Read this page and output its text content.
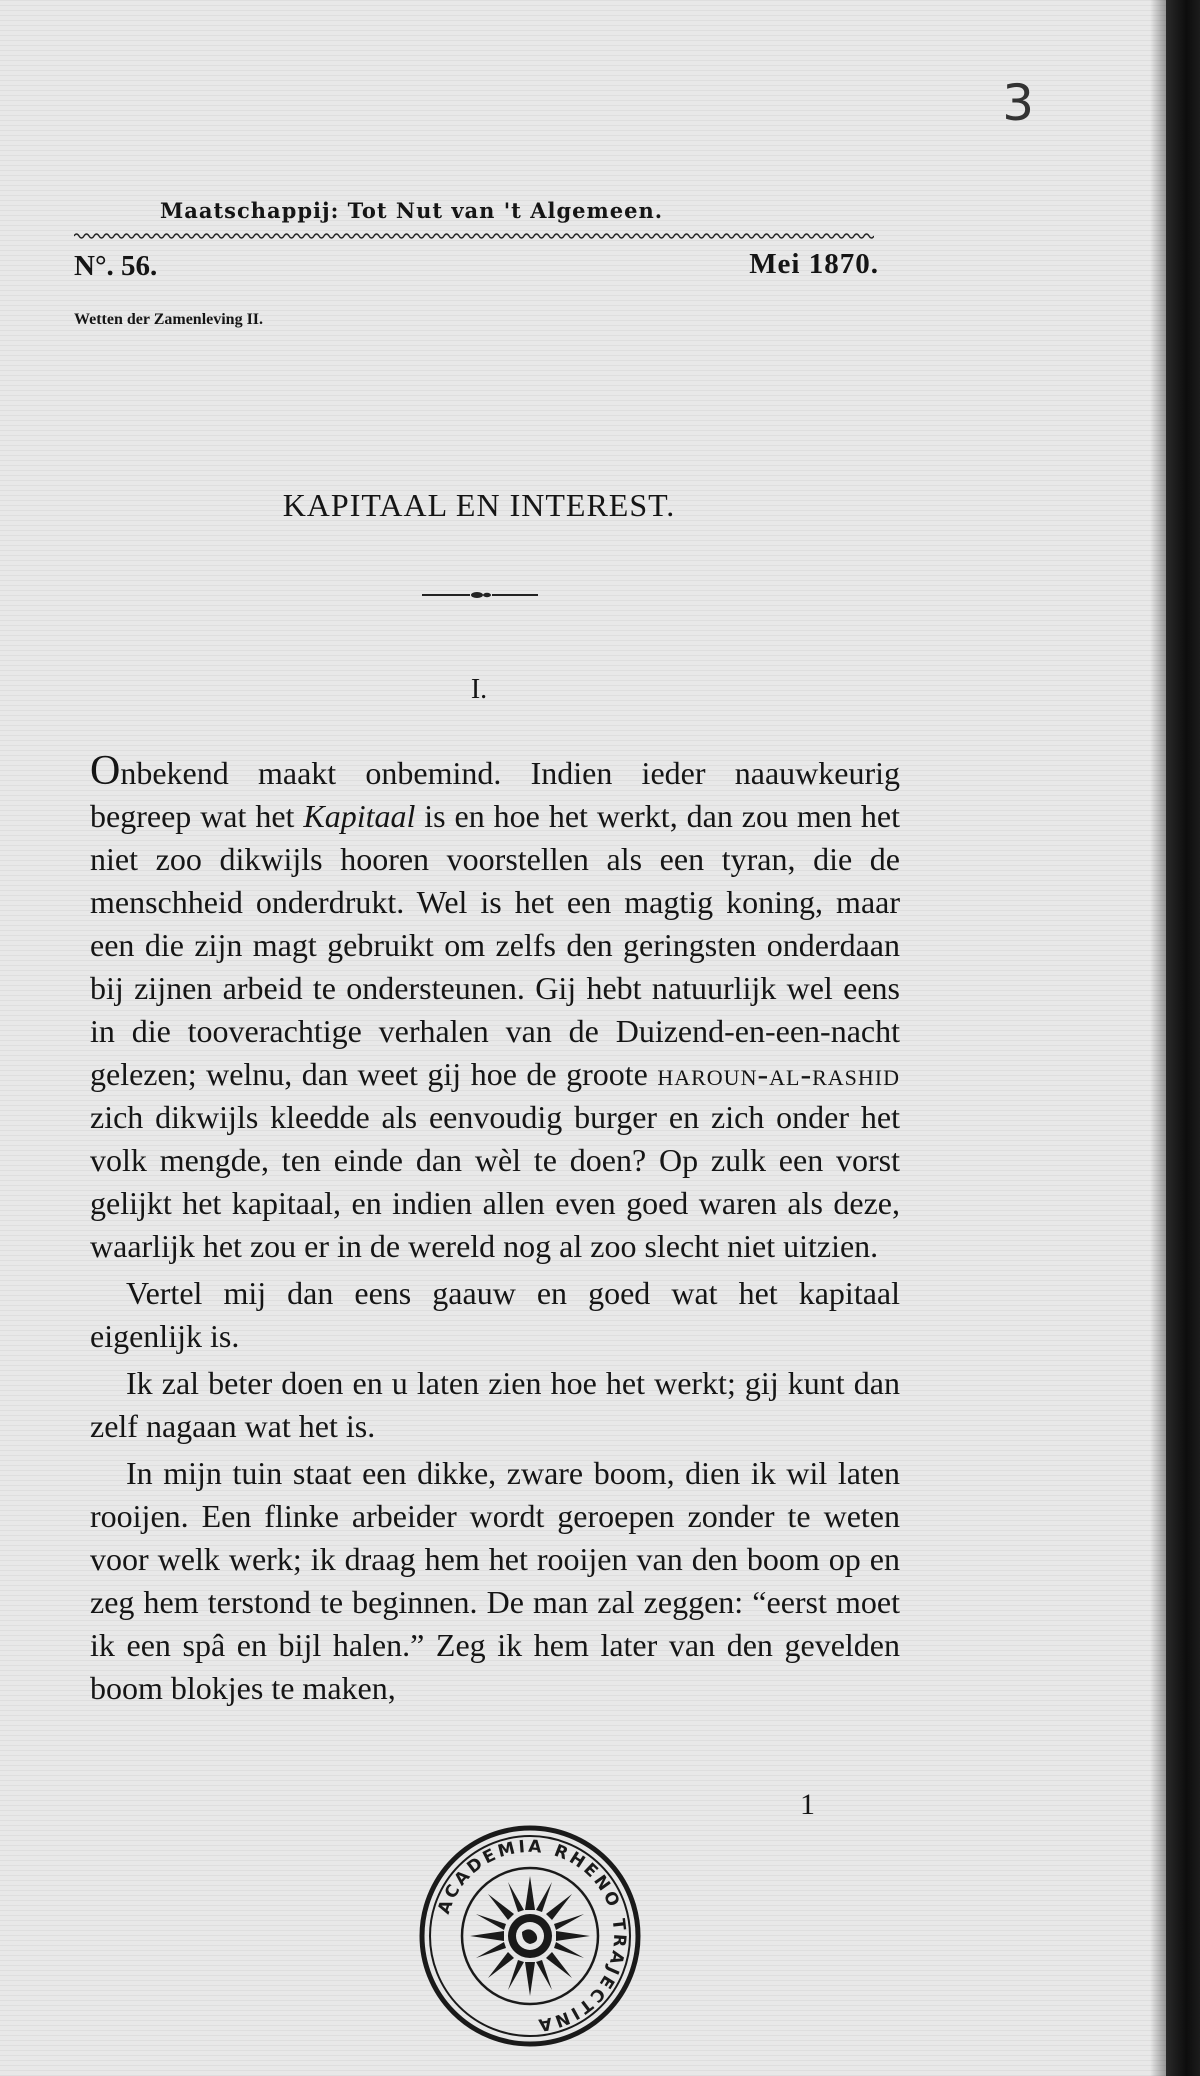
3
Maatschappij: Tot Nut van 't Algemeen.
N°. 56.	Mei 1870.
Wetten der Zamenleving II.
KAPITAAL EN INTEREST.
I.

Onbekend maakt onbemind. Indien ieder naauwkeurig begreep wat het Kapitaal is en hoe het werkt, dan zou men het niet zoo dikwijls hooren voorstellen als een tyran, die de menschheid onderdrukt. Wel is het een magtig koning, maar een die zijn magt gebruikt om zelfs den geringsten onderdaan bij zijnen arbeid te ondersteunen. Gij hebt natuurlijk wel eens in die tooverachtige verhalen van de Duizend-en-een-nacht gelezen; welnu, dan weet gij hoe de groote haroun-al-rashid zich dikwijls kleedde als eenvoudig burger en zich onder het volk mengde, ten einde dan wèl te doen? Op zulk een vorst gelijkt het kapitaal, en indien allen even goed waren als deze, waarlijk het zou er in de wereld nog al zoo slecht niet uitzien.

Vertel mij dan eens gaauw en goed wat het kapitaal eigenlijk is.

Ik zal beter doen en u laten zien hoe het werkt; gij kunt dan zelf nagaan wat het is.

In mijn tuin staat een dikke, zware boom, dien ik wil laten rooijen. Een flinke arbeider wordt geroepen zonder te weten voor welk werk; ik draag hem het rooijen van den boom op en zeg hem terstond te beginnen. De man zal zeggen: “eerst moet ik een spâ en bijl halen.” Zeg ik hem later van den gevelden boom blokjes te maken,

1
ACADEMIA RHENO TRAJECTINA
